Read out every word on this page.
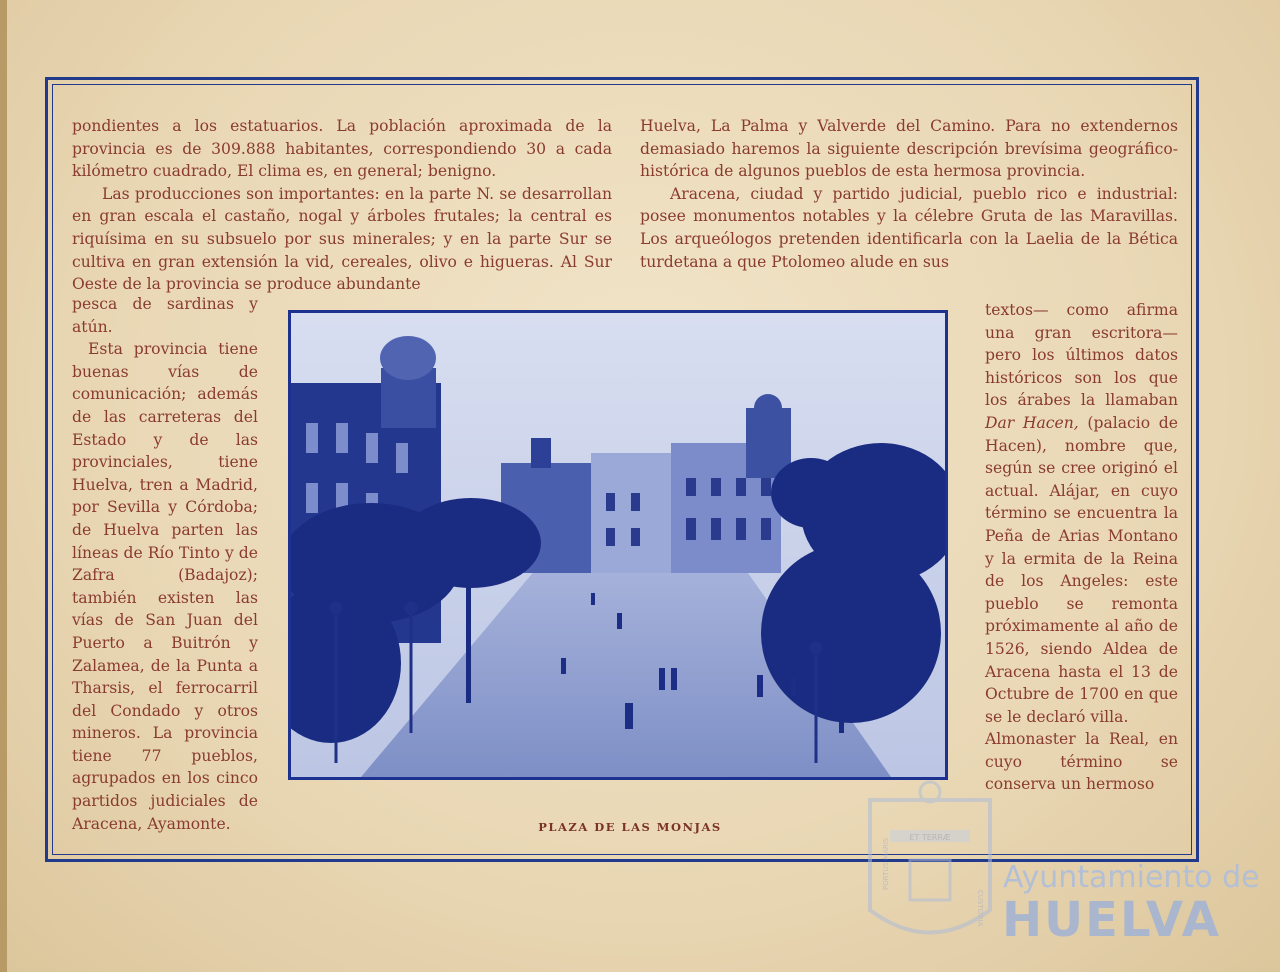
pondientes a los estatuarios. La población aproximada de la provincia es de 309.888 habitantes, correspondiendo 30 a cada kilómetro cuadrado, El clima es, en general; benigno.

Las producciones son importantes: en la parte N. se desarrollan en gran escala el castaño, nogal y árboles frutales; la central es riquísima en su subsuelo por sus minerales; y en la parte Sur se cultiva en gran extensión la vid, cereales, olivo e higueras. Al Sur Oeste de la provincia se produce abundante

pesca de sardinas y atún.

Esta provincia tiene buenas vías de comunicación; además de las carreteras del Estado y de las provinciales, tiene Huelva, tren a Madrid, por Sevilla y Córdoba; de Huelva parten las líneas de Río Tinto y de Zafra (Badajoz); también existen las vías de San Juan del Puerto a Buitrón y Zalamea, de la Punta a Tharsis, el ferrocarril del Condado y otros mineros. La provincia tiene 77 pueblos, agrupados en los cinco partidos judiciales de Aracena, Ayamonte.

Huelva, La Palma y Valverde del Camino. Para no extendernos demasiado haremos la siguiente descripción brevísima geográfico-histórica de algunos pueblos de esta hermosa provincia.

Aracena, ciudad y partido judicial, pueblo rico e industrial: posee monumentos notables y la célebre Gruta de las Maravillas. Los arqueólogos pretenden identificarla con la Laelia de la Bética turdetana a que Ptolomeo alude en sus

textos— como afirma una gran escritora— pero los últimos datos históricos son los que los árabes la llamaban Dar Hacen, (palacio de Hacen), nombre que, según se cree originó el actual. Alájar, en cuyo término se encuentra la Peña de Arias Montano y la ermita de la Reina de los Angeles: este pueblo se remonta próximamente al año de 1526, siendo Aldea de Aracena hasta el 13 de Octubre de 1700 en que se le declaró villa.

Almonaster la Real, en cuyo término se conserva un hermoso

PLAZA DE LAS MONJAS
ET TERRÆ
PORTUS MARIS
CUSTODIA
Ayuntamiento de
HUELVA
